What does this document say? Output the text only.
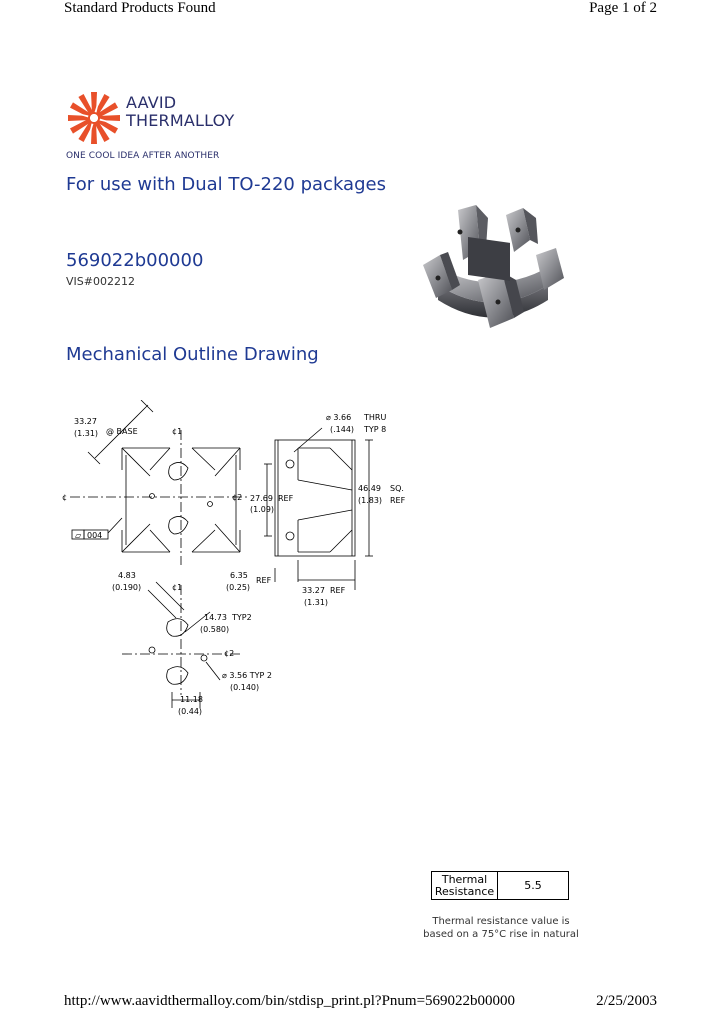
Standard Products Found	Page 1 of 2
AAVID
THERMALLOY
ONE COOL IDEA AFTER ANOTHER
For use with Dual TO-220 packages
569022b00000
VIS#002212
Mechanical Outline Drawing
33.27
(1.31) @ BASE	¢1
¢2
¢
⏥ 004
⌀ 3.66 THRU
(.144) TYP 8
27.69 REF
(1.09)
46.49 SQ.
(1.83) REF
6.35
REF
(0.25)	33.27 REF
(1.31)
4.83
(0.190)	¢1
14.73 TYP2
(0.580)
¢2
⌀ 3.56 TYP 2
(0.140)
11.18
(0.44)
Thermal
Resistance	5.5
Thermal resistance value is
based on a 75°C rise in natural
http://www.aavidthermalloy.com/bin/stdisp_print.pl?Pnum=569022b00000	2/25/2003
